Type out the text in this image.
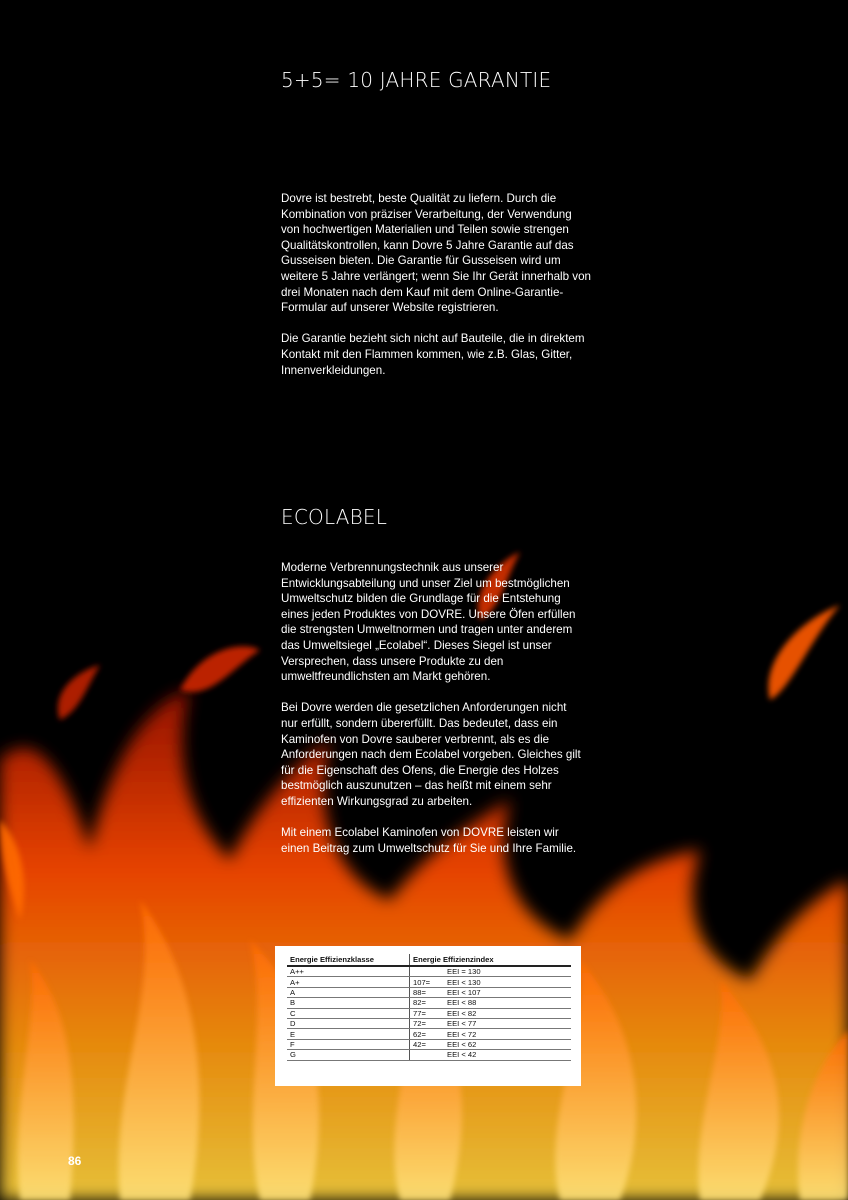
5+5= 10 JAHRE GARANTIE

Dovre ist bestrebt, beste Qualität zu liefern. Durch die Kombination von präziser Verarbeitung, der Verwendung von hochwertigen Materialien und Teilen sowie strengen Qualitätskontrollen, kann Dovre 5 Jahre Garantie auf das Gusseisen bieten. Die Garantie für Gusseisen wird um weitere 5 Jahre verlängert; wenn Sie Ihr Gerät innerhalb von drei Monaten nach dem Kauf mit dem Online-Garantie-Formular auf unserer Website registrieren.

Die Garantie bezieht sich nicht auf Bauteile, die in direktem Kontakt mit den Flammen kommen, wie z.B. Glas, Gitter, Innenverkleidungen.

ECOLABEL

Moderne Verbrennungstechnik aus unserer Entwicklungsabteilung und unser Ziel um bestmöglichen Umweltschutz bilden die Grundlage für die Entstehung eines jeden Produktes von DOVRE. Unsere Öfen erfüllen die strengsten Umweltnormen und tragen unter anderem das Umweltsiegel „Ecolabel“. Dieses Siegel ist unser Versprechen, dass unsere Produkte zu den umweltfreundlichsten am Markt gehören.

Bei Dovre werden die gesetzlichen Anforderungen nicht nur erfüllt, sondern übererfüllt. Das bedeutet, dass ein Kaminofen von Dovre sauberer verbrennt, als es die Anforderungen nach dem Ecolabel vorgeben. Gleiches gilt für die Eigenschaft des Ofens, die Energie des Holzes bestmöglich auszunutzen – das heißt mit einem sehr effizienten Wirkungsgrad zu arbeiten.

Mit einem Ecolabel Kaminofen von DOVRE leisten wir einen Beitrag zum Umweltschutz für Sie und Ihre Familie.

Energie Effizienzklasse	Energie Effizienzindex
A++	EEI = 130
A+	107= EEI < 130
A	88= EEI < 107
B	82= EEI < 88
C	77= EEI < 82
D	72= EEI < 77
E	62= EEI < 72
F	42= EEI < 62
G	EEI < 42
86
